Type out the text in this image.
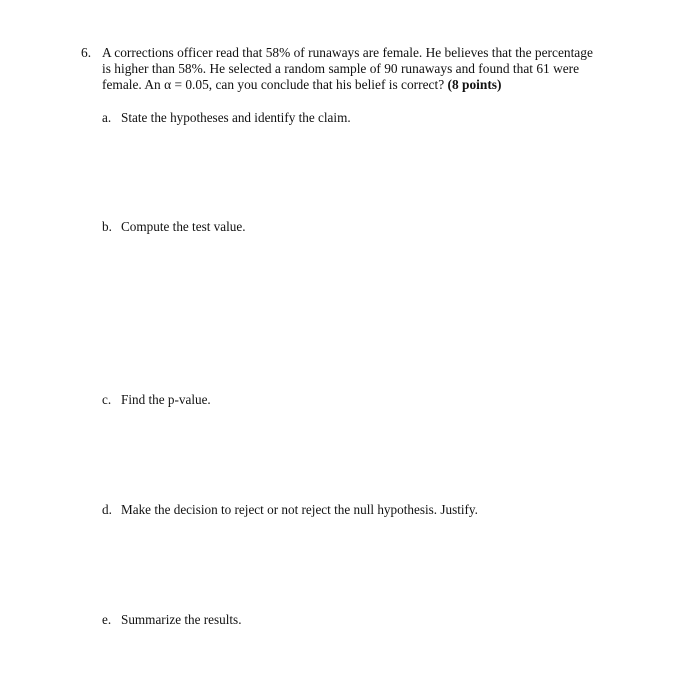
6. A corrections officer read that 58% of runaways are female. He believes that the percentage
is higher than 58%. He selected a random sample of 90 runaways and found that 61 were
female. An α = 0.05, can you conclude that his belief is correct? (8 points)
a. State the hypotheses and identify the claim.
b. Compute the test value.
c. Find the p-value.
d. Make the decision to reject or not reject the null hypothesis. Justify.
e. Summarize the results.
